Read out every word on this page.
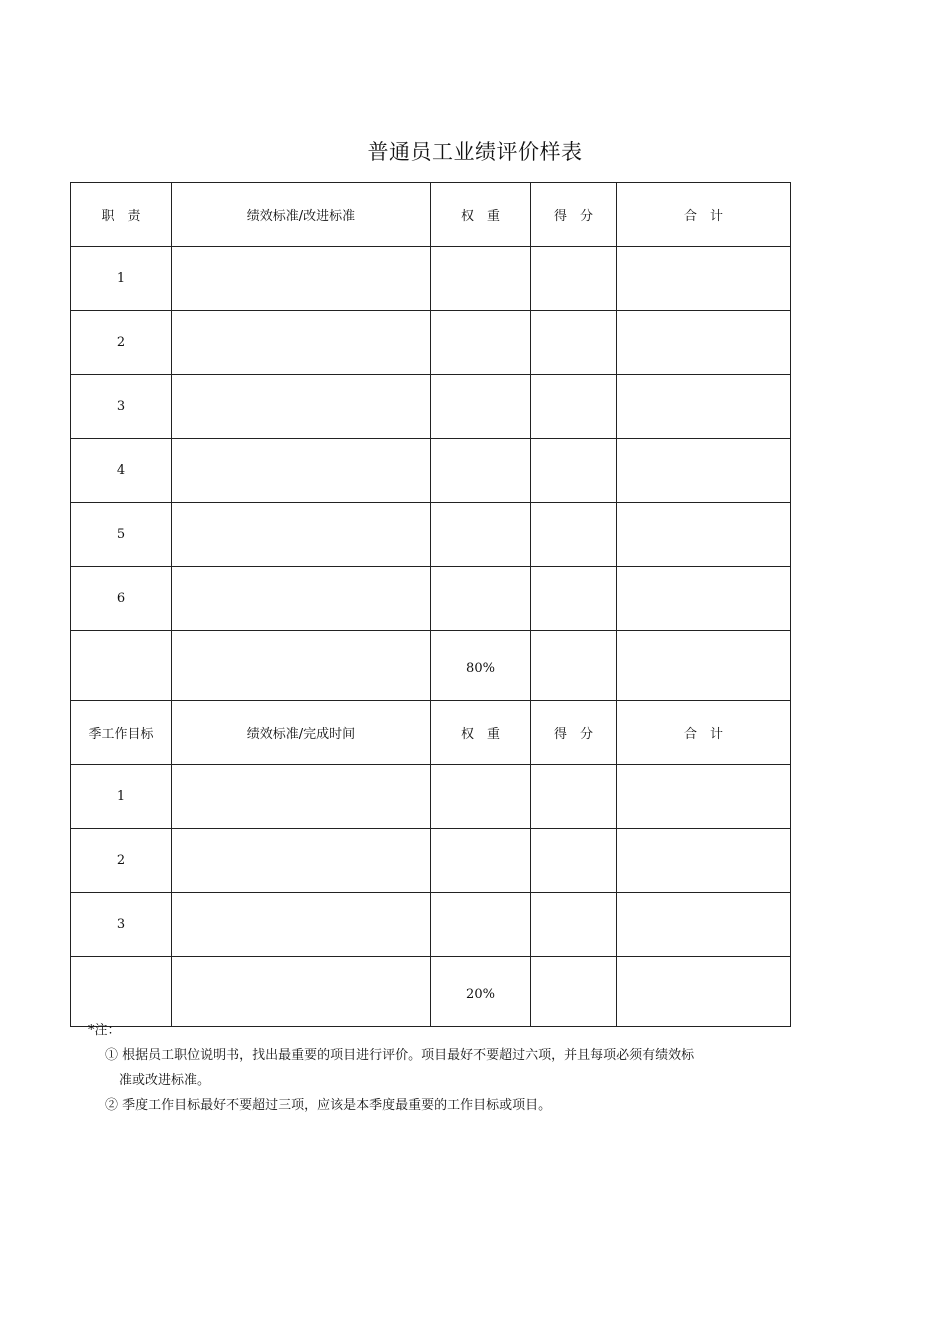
普通员工业绩评价样表
职　责	绩效标准/改进标准	权　重	得　分	合　计
1				
2				
3				
4				
5				
6				
		80%		
季工作目标	绩效标准/完成时间	权　重	得　分	合　计
1				
2				
3				
		20%		
*注：
① 根据员工职位说明书，找出最重要的项目进行评价。项目最好不要超过六项，并且每项必须有绩效标
准或改进标准。
② 季度工作目标最好不要超过三项，应该是本季度最重要的工作目标或项目。
